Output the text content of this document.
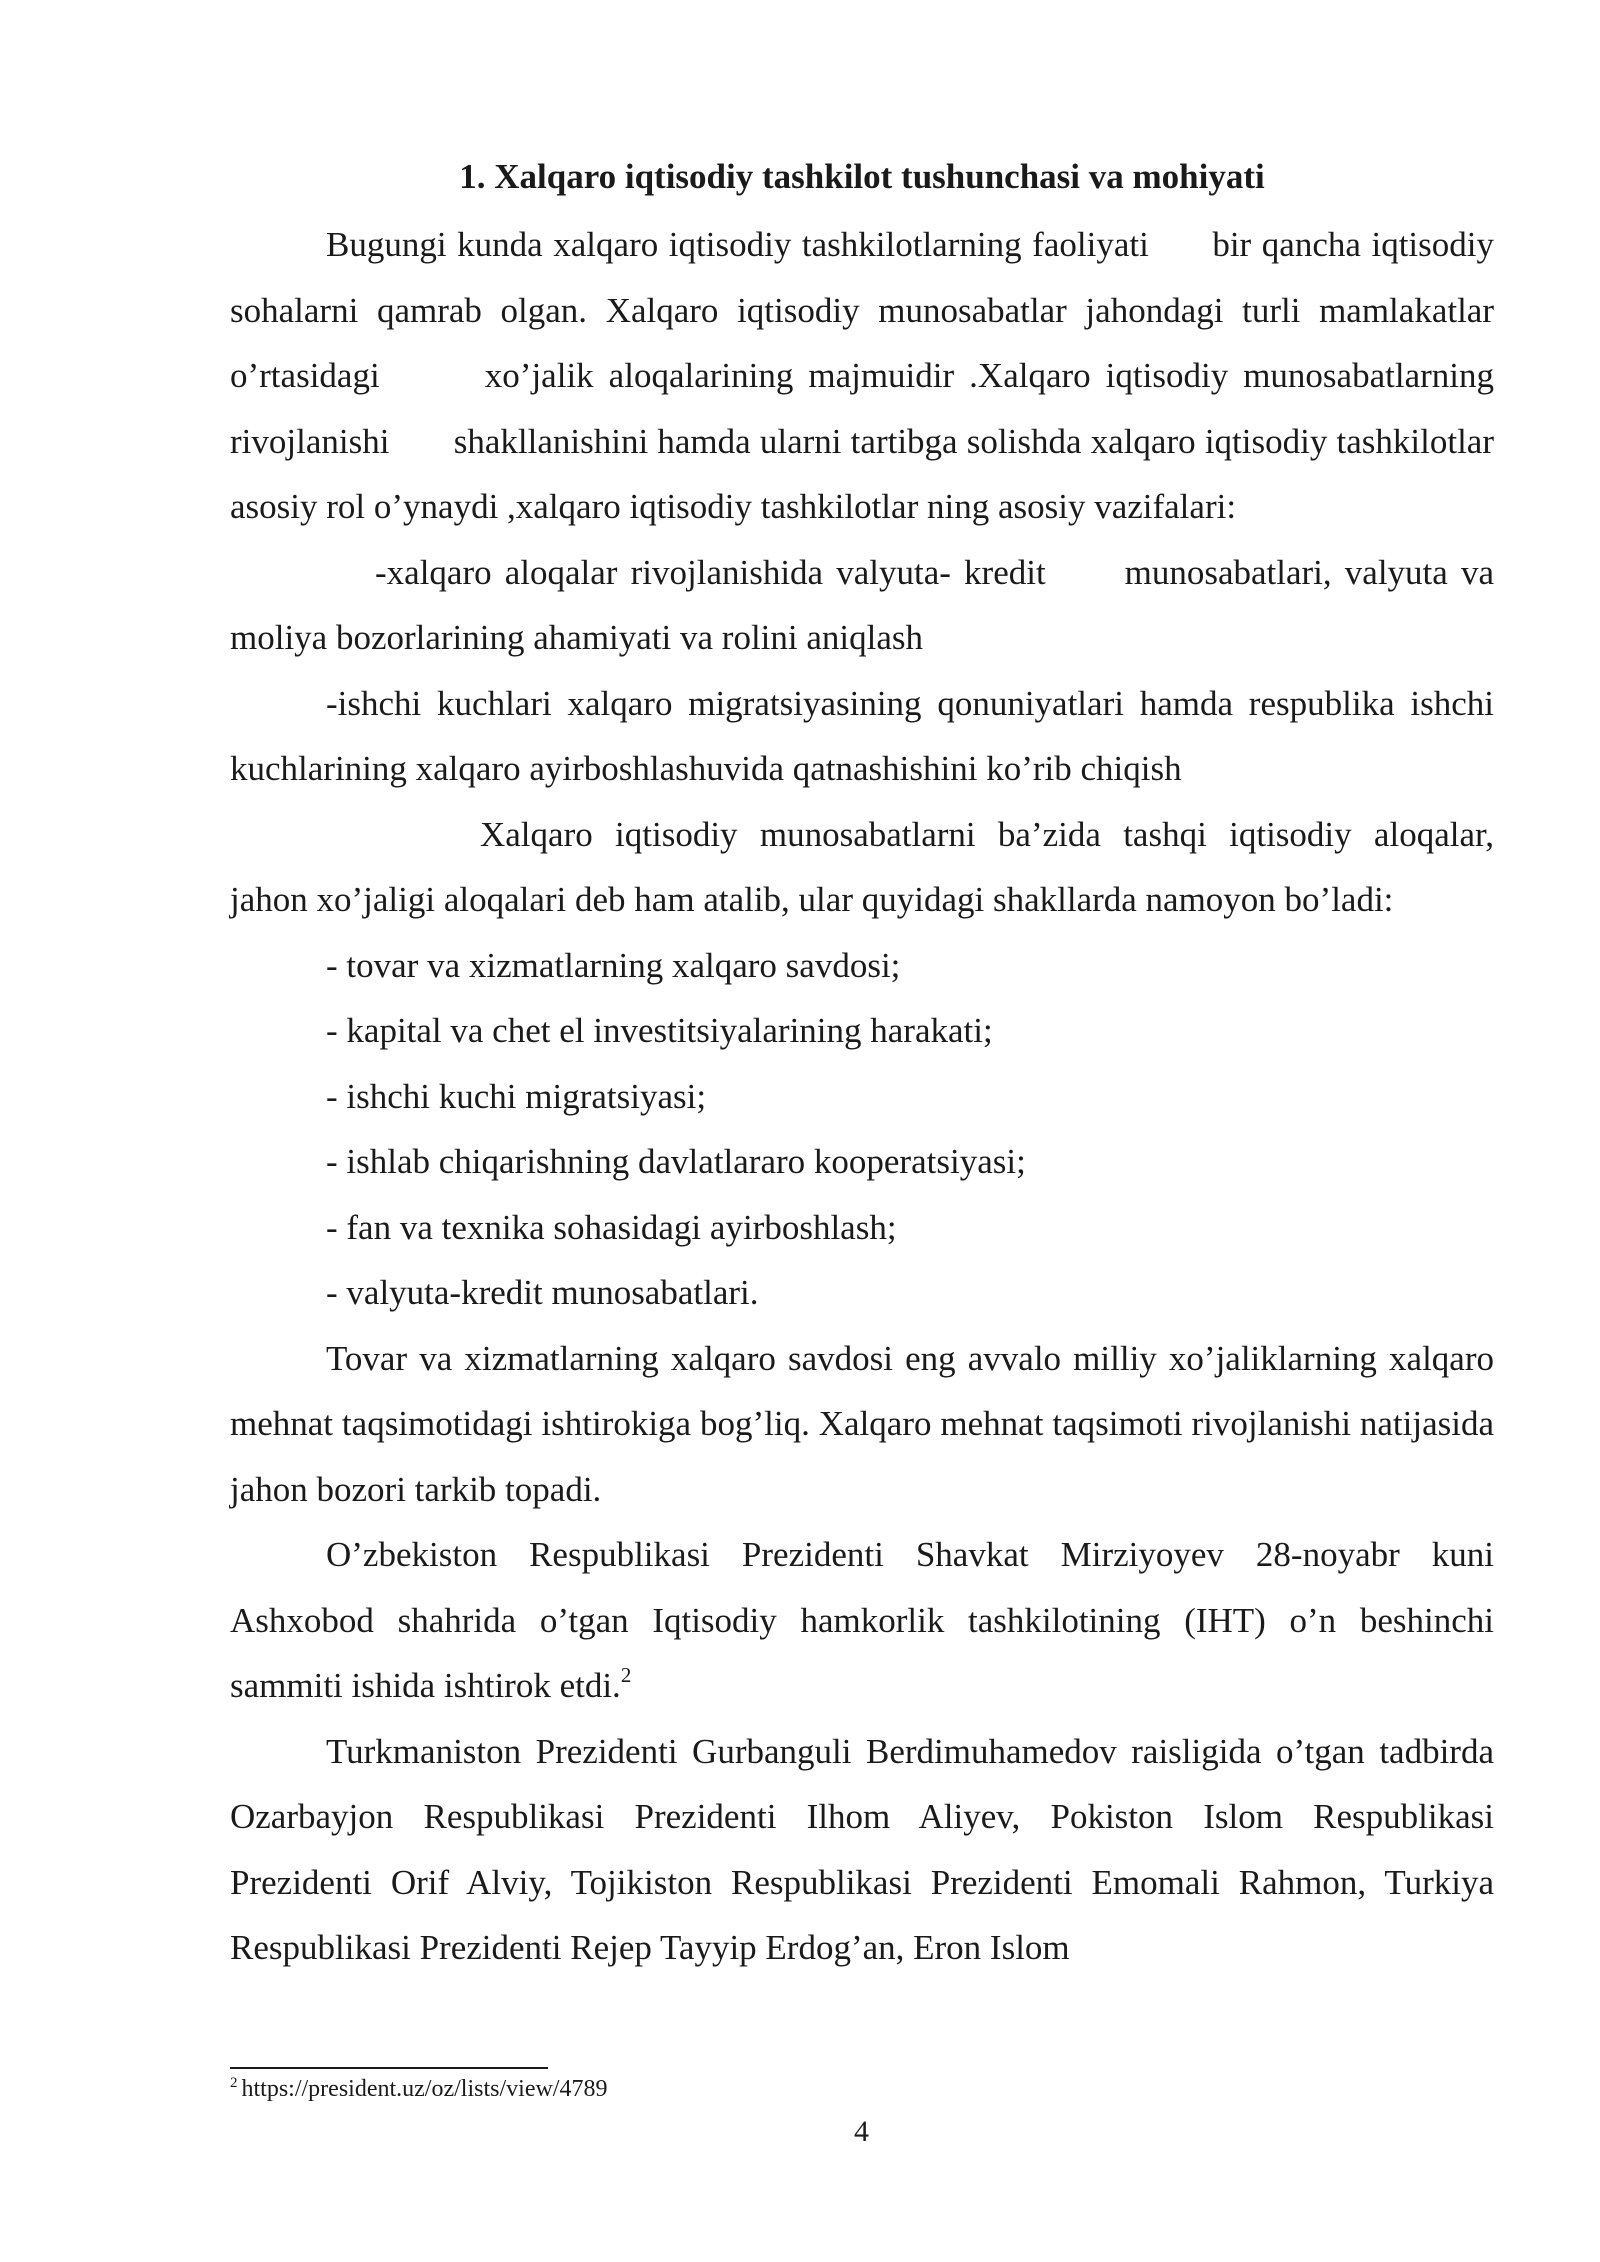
1. Xalqaro iqtisodiy tashkilot tushunchasi va mohiyati

Bugungi kunda xalqaro iqtisodiy tashkilotlarning faoliyati      bir qancha iqtisodiy         sohalarni qamrab olgan. Xalqaro iqtisodiy munosabatlar jahondagi turli mamlakatlar       o’rtasidagi       xo’jalik aloqalarining majmuidir .Xalqaro iqtisodiy munosabatlarning rivojlanishi       shakllanishini hamda ularni tartibga solishda xalqaro iqtisodiy tashkilotlar asosiy rol o’ynaydi ,xalqaro iqtisodiy tashkilotlar ning asosiy vazifalari:

-xalqaro aloqalar rivojlanishida valyuta- kredit      munosabatlari, valyuta va moliya bozorlarining ahamiyati va rolini aniqlash

-ishchi kuchlari xalqaro migratsiyasining qonuniyatlari hamda respublika ishchi kuchlarining xalqaro ayirboshlashuvida qatnashishini ko’rib chiqish

Xalqaro iqtisodiy munosabatlarni ba’zida tashqi iqtisodiy aloqalar, jahon xo’jaligi aloqalari deb ham atalib, ular quyidagi shakllarda namoyon bo’ladi:

- tovar va xizmatlarning xalqaro savdosi;

- kapital va chet el investitsiyalarining harakati;

- ishchi kuchi migratsiyasi;

- ishlab chiqarishning davlatlararo kooperatsiyasi;

- fan va texnika sohasidagi ayirboshlash;

- valyuta-kredit munosabatlari.

Tovar va xizmatlarning xalqaro savdosi eng avvalo milliy xo’jaliklarning xalqaro mehnat taqsimotidagi ishtirokiga bog’liq. Xalqaro mehnat taqsimoti rivojlanishi natijasida jahon bozori tarkib topadi.

O’zbekiston Respublikasi Prezidenti Shavkat Mirziyoyev 28-noyabr kuni Ashxobod shahrida o’tgan Iqtisodiy hamkorlik tashkilotining (IHT) o’n beshinchi sammiti ishida ishtirok etdi.$^2$

Turkmaniston Prezidenti Gurbanguli Berdimuhamedov raisligida o’tgan tadbirda Ozarbayjon Respublikasi Prezidenti Ilhom Aliyev, Pokiston Islom Respublikasi Prezidenti Orif Alviy, Tojikiston Respublikasi Prezidenti Emomali Rahmon, Turkiya Respublikasi Prezidenti Rejep Tayyip Erdog’an, Eron Islom

$^2$ https://president.uz/oz/lists/view/4789
4
